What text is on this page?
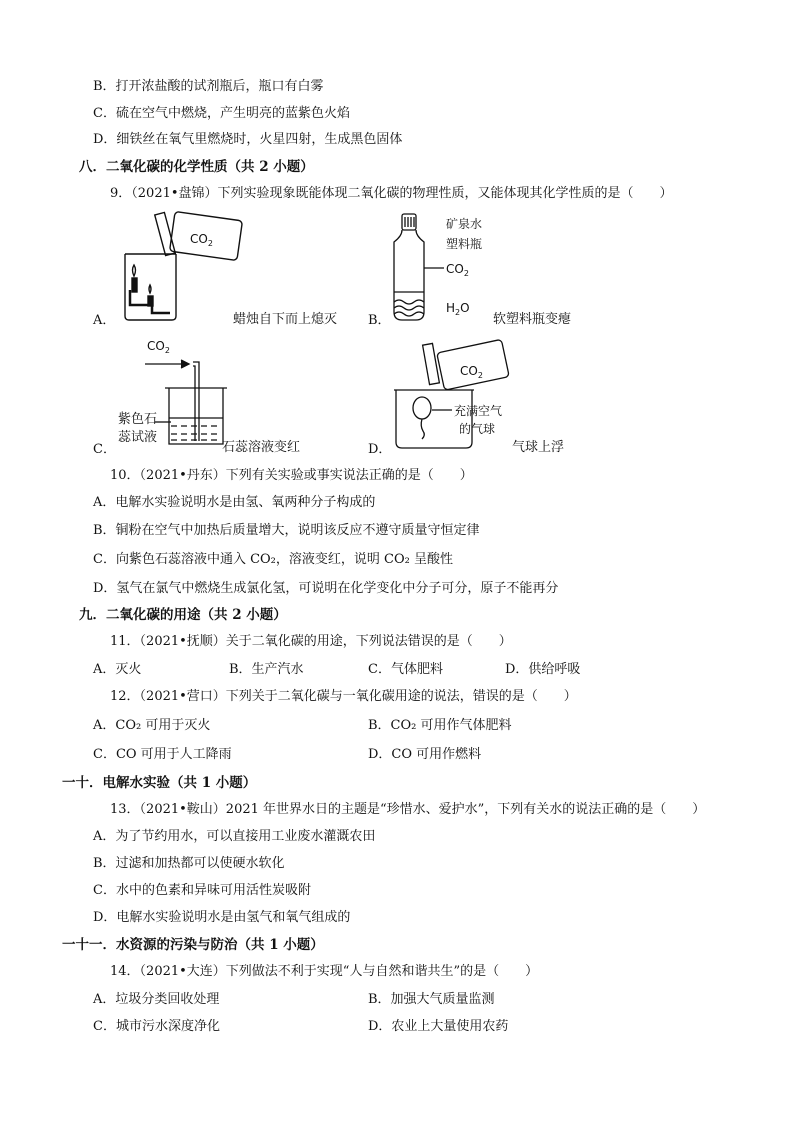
B．打开浓盐酸的试剂瓶后，瓶口有白雾
C．硫在空气中燃烧，产生明亮的蓝紫色火焰
D．细铁丝在氧气里燃烧时，火星四射，生成黑色固体
八．二氧化碳的化学性质（共 2 小题）
9．（2021•盘锦）下列实验现象既能体现二氧化碳的物理性质，又能体现其化学性质的是（　　）
$CO_2$
A．	蜡烛自下而上熄灭
矿泉水
塑料瓶
$CO_2$
$H_2O$
B．	软塑料瓶变瘪
$CO_2$
紫色石
蕊试液
C．	石蕊溶液变红
$CO_2$
充满空气
的气球
D．	气球上浮
10．（2021•丹东）下列有关实验或事实说法正确的是（　　）
A．电解水实验说明水是由氢、氧两种分子构成的
B．铜粉在空气中加热后质量增大，说明该反应不遵守质量守恒定律
C．向紫色石蕊溶液中通入 CO₂，溶液变红，说明 CO₂ 呈酸性
D．氢气在氯气中燃烧生成氯化氢，可说明在化学变化中分子可分，原子不能再分
九．二氧化碳的用途（共 2 小题）
11．（2021•抚顺）关于二氧化碳的用途，下列说法错误的是（　　）
A．灭火	B．生产汽水	C．气体肥料	D．供给呼吸
12．（2021•营口）下列关于二氧化碳与一氧化碳用途的说法，错误的是（　　）
A．CO₂ 可用于灭火	B．CO₂ 可用作气体肥料
C．CO 可用于人工降雨	D．CO 可用作燃料
一十．电解水实验（共 1 小题）
13．（2021•鞍山）2021 年世界水日的主题是“珍惜水、爱护水”，下列有关水的说法正确的是（　　）
A．为了节约用水，可以直接用工业废水灌溉农田
B．过滤和加热都可以使硬水软化
C．水中的色素和异味可用活性炭吸附
D．电解水实验说明水是由氢气和氧气组成的
一十一．水资源的污染与防治（共 1 小题）
14．（2021•大连）下列做法不利于实现“人与自然和谐共生”的是（　　）
A．垃圾分类回收处理	B．加强大气质量监测
C．城市污水深度净化	D．农业上大量使用农药
